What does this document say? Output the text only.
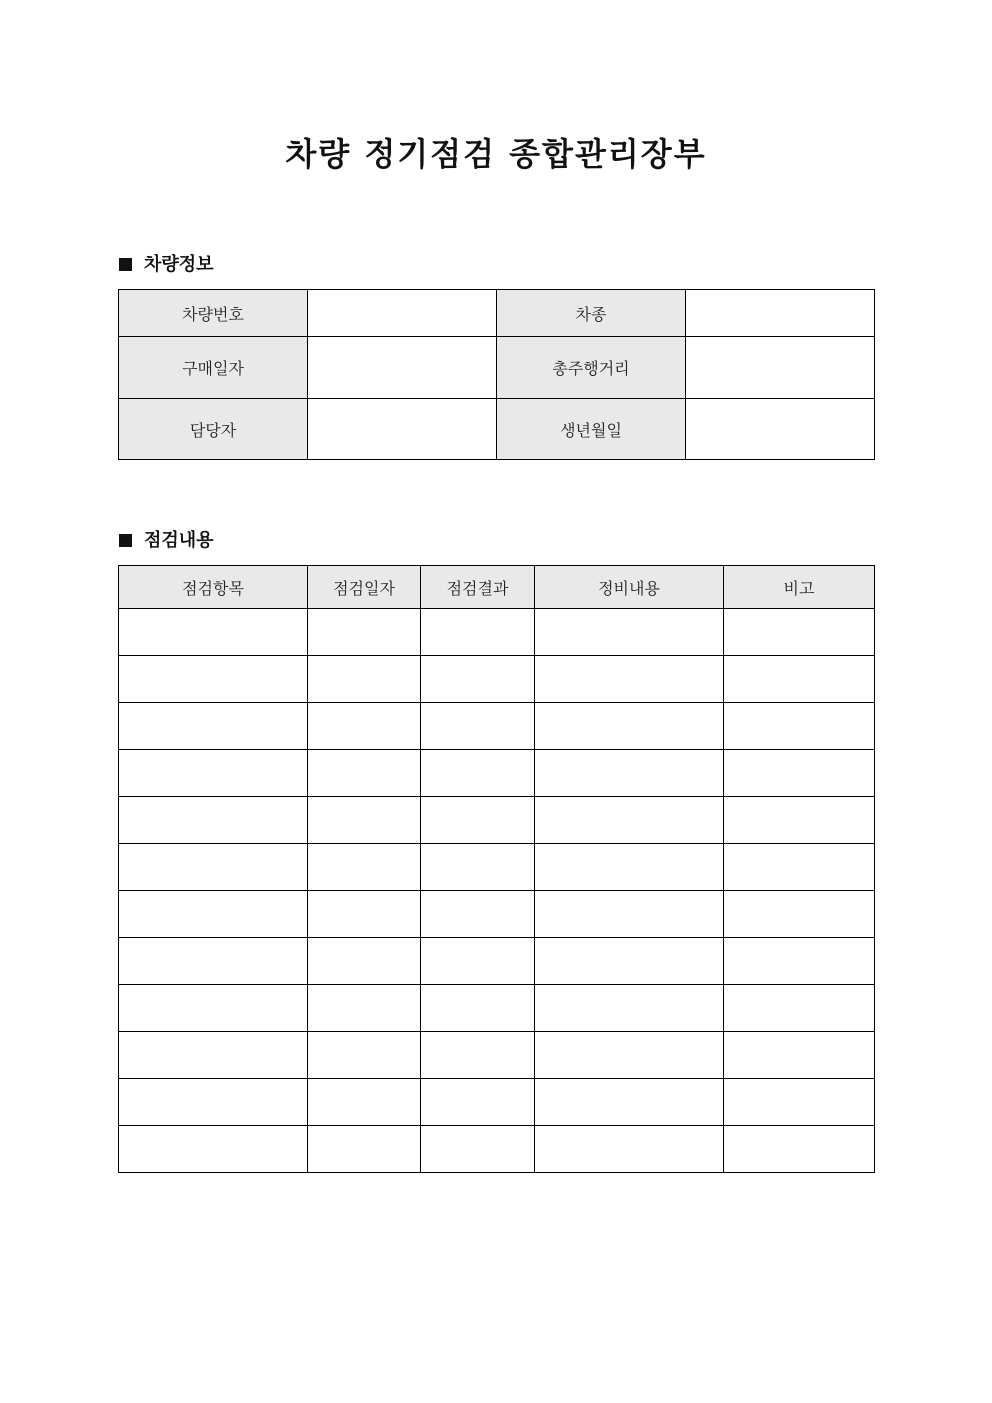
차량 정기점검 종합관리장부
차량정보
차량번호		차종	
구매일자		총주행거리	
담당자		생년월일	
점검내용
점검항목	점검일자	점검결과	정비내용	비고
